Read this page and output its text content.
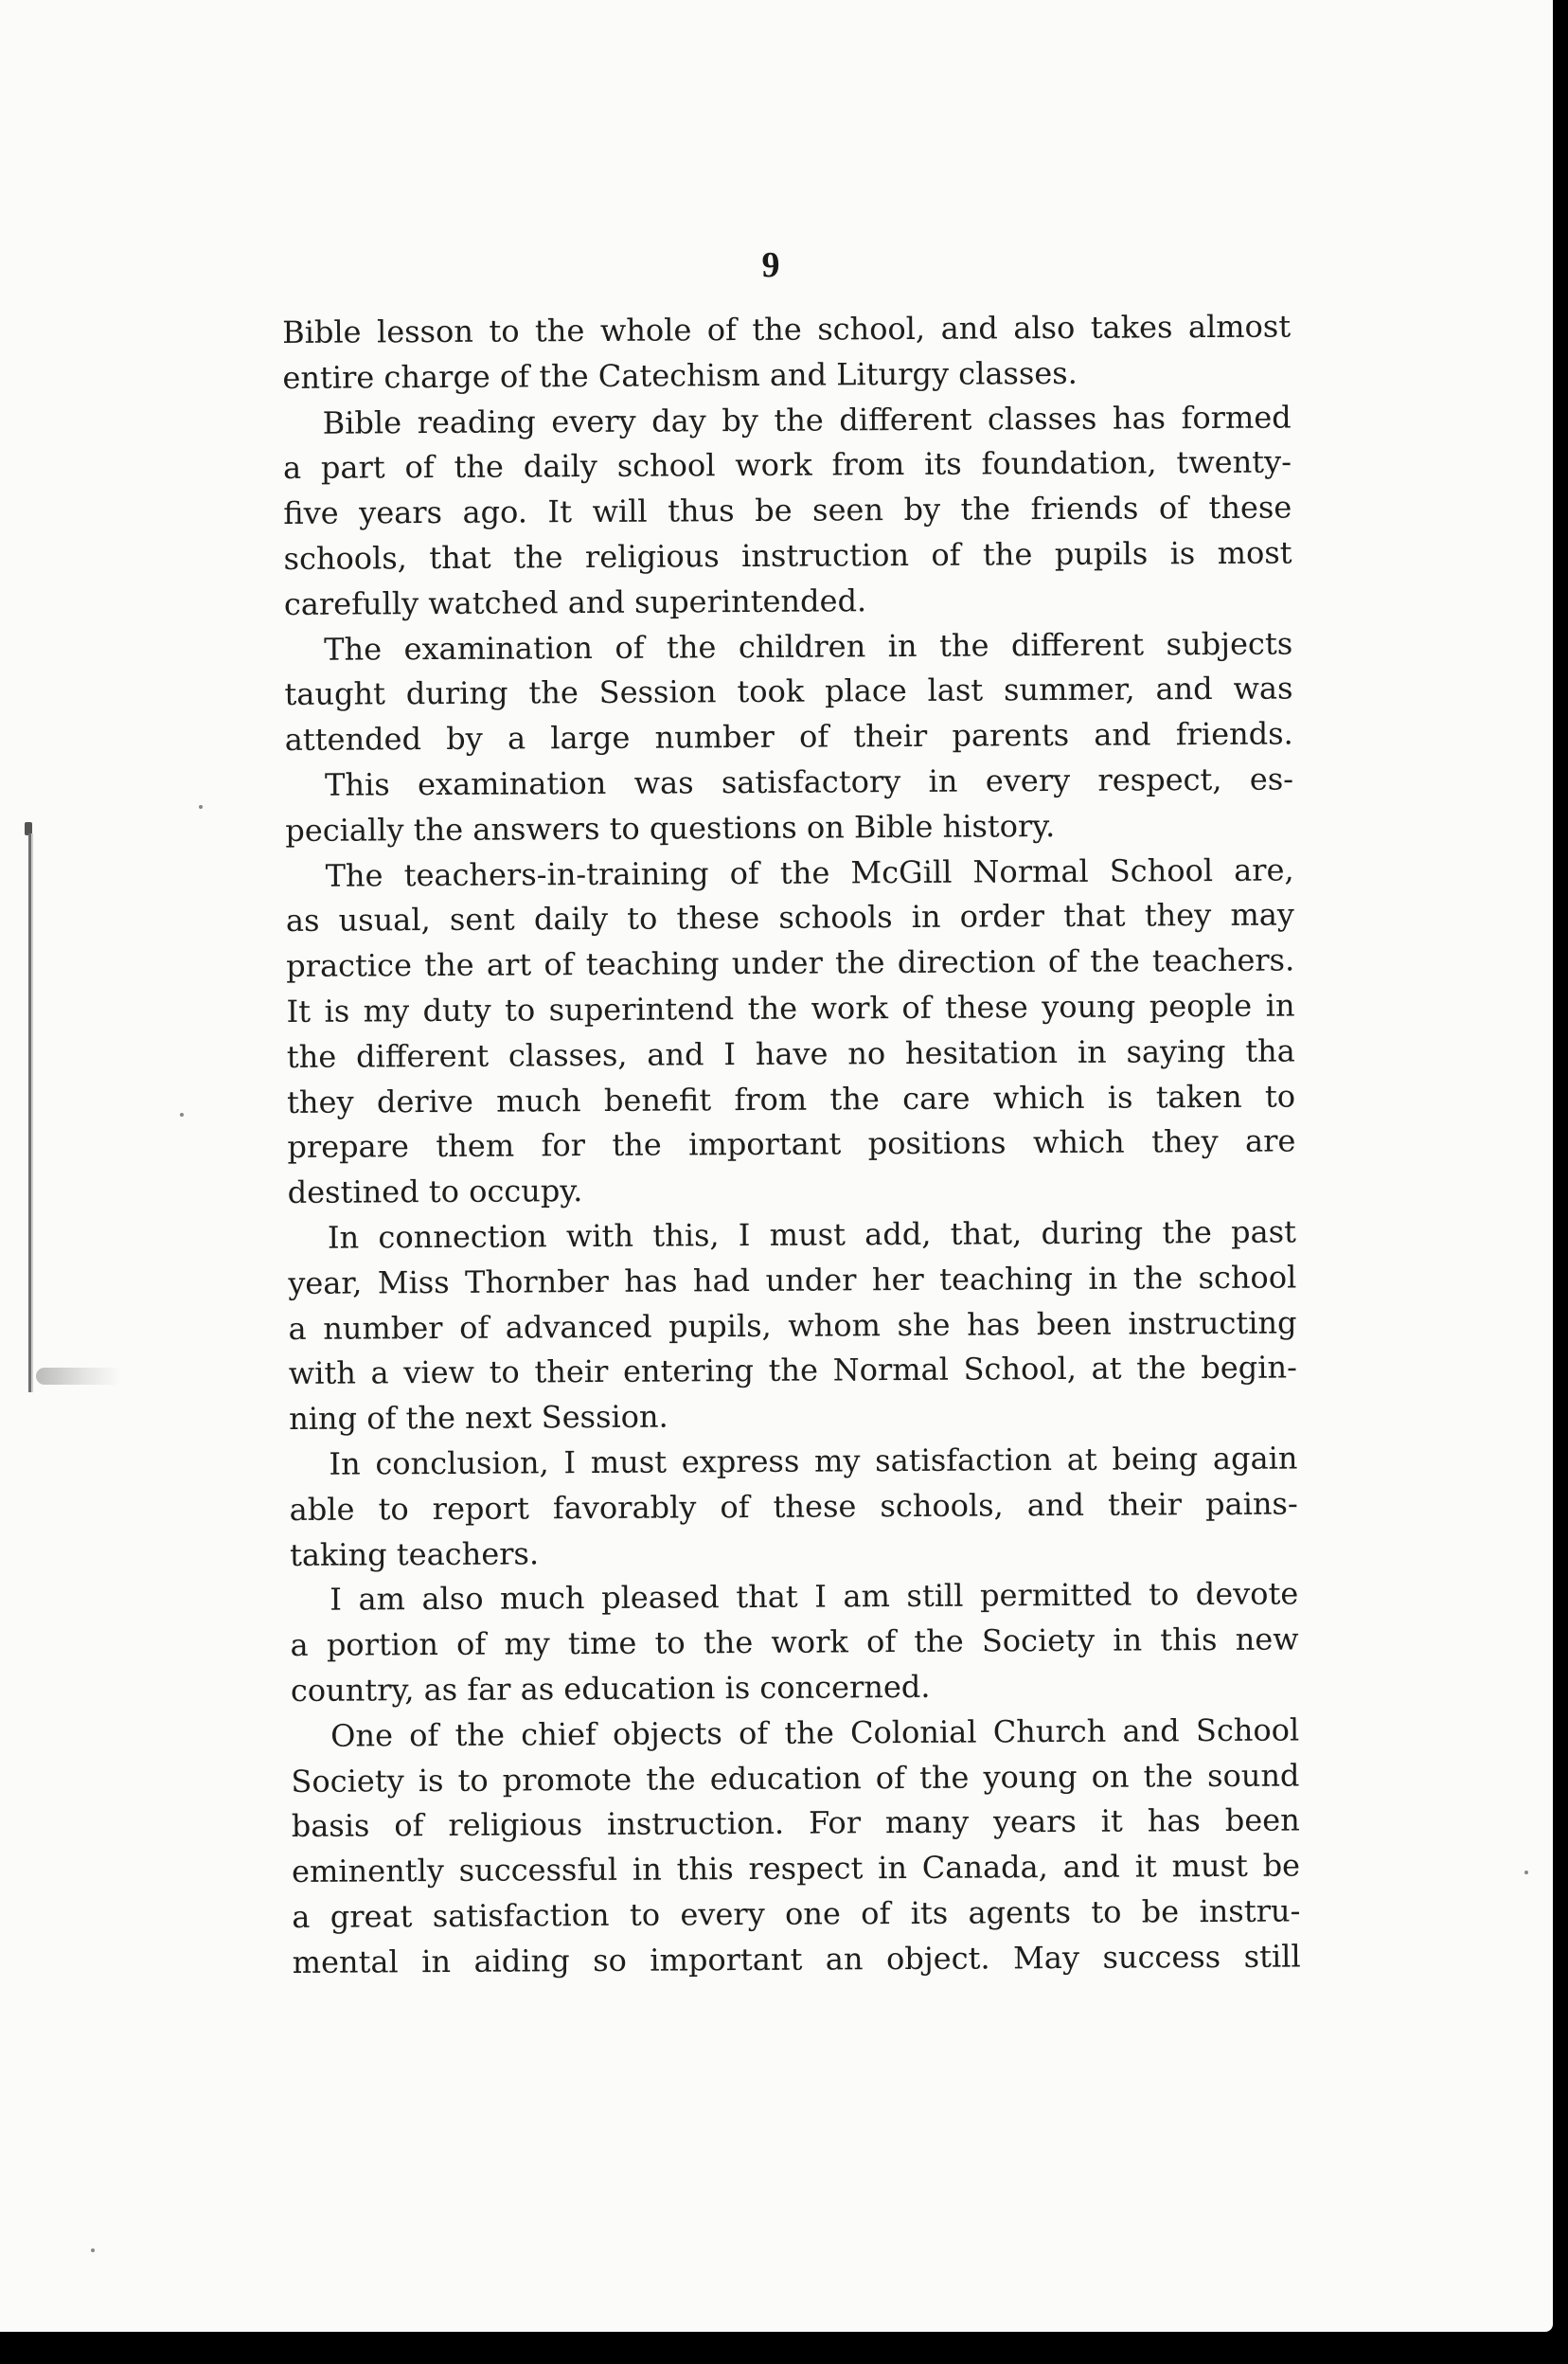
9
Bible lesson to the whole of the school, and also takes almost
entire charge of the Catechism and Liturgy classes.
Bible reading every day by the different classes has formed
a part of the daily school work from its foundation, twenty-
five years ago. It will thus be seen by the friends of these
schools, that the religious instruction of the pupils is most
carefully watched and superintended.
The examination of the children in the different subjects
taught during the Session took place last summer, and was
attended by a large number of their parents and friends.
This examination was satisfactory in every respect, es-
pecially the answers to questions on Bible history.
The teachers-in-training of the McGill Normal School are,
as usual, sent daily to these schools in order that they may
practice the art of teaching under the direction of the teachers.
It is my duty to superintend the work of these young people in
the different classes, and I have no hesitation in saying tha
they derive much benefit from the care which is taken to
prepare them for the important positions which they are
destined to occupy.
In connection with this, I must add, that, during the past
year, Miss Thornber has had under her teaching in the school
a number of advanced pupils, whom she has been instructing
with a view to their entering the Normal School, at the begin-
ning of the next Session.
In conclusion, I must express my satisfaction at being again
able to report favorably of these schools, and their pains-
taking teachers.
I am also much pleased that I am still permitted to devote
a portion of my time to the work of the Society in this new
country, as far as education is concerned.
One of the chief objects of the Colonial Church and School
Society is to promote the education of the young on the sound
basis of religious instruction. For many years it has been
eminently successful in this respect in Canada, and it must be
a great satisfaction to every one of its agents to be instru-
mental in aiding so important an object. May success still
